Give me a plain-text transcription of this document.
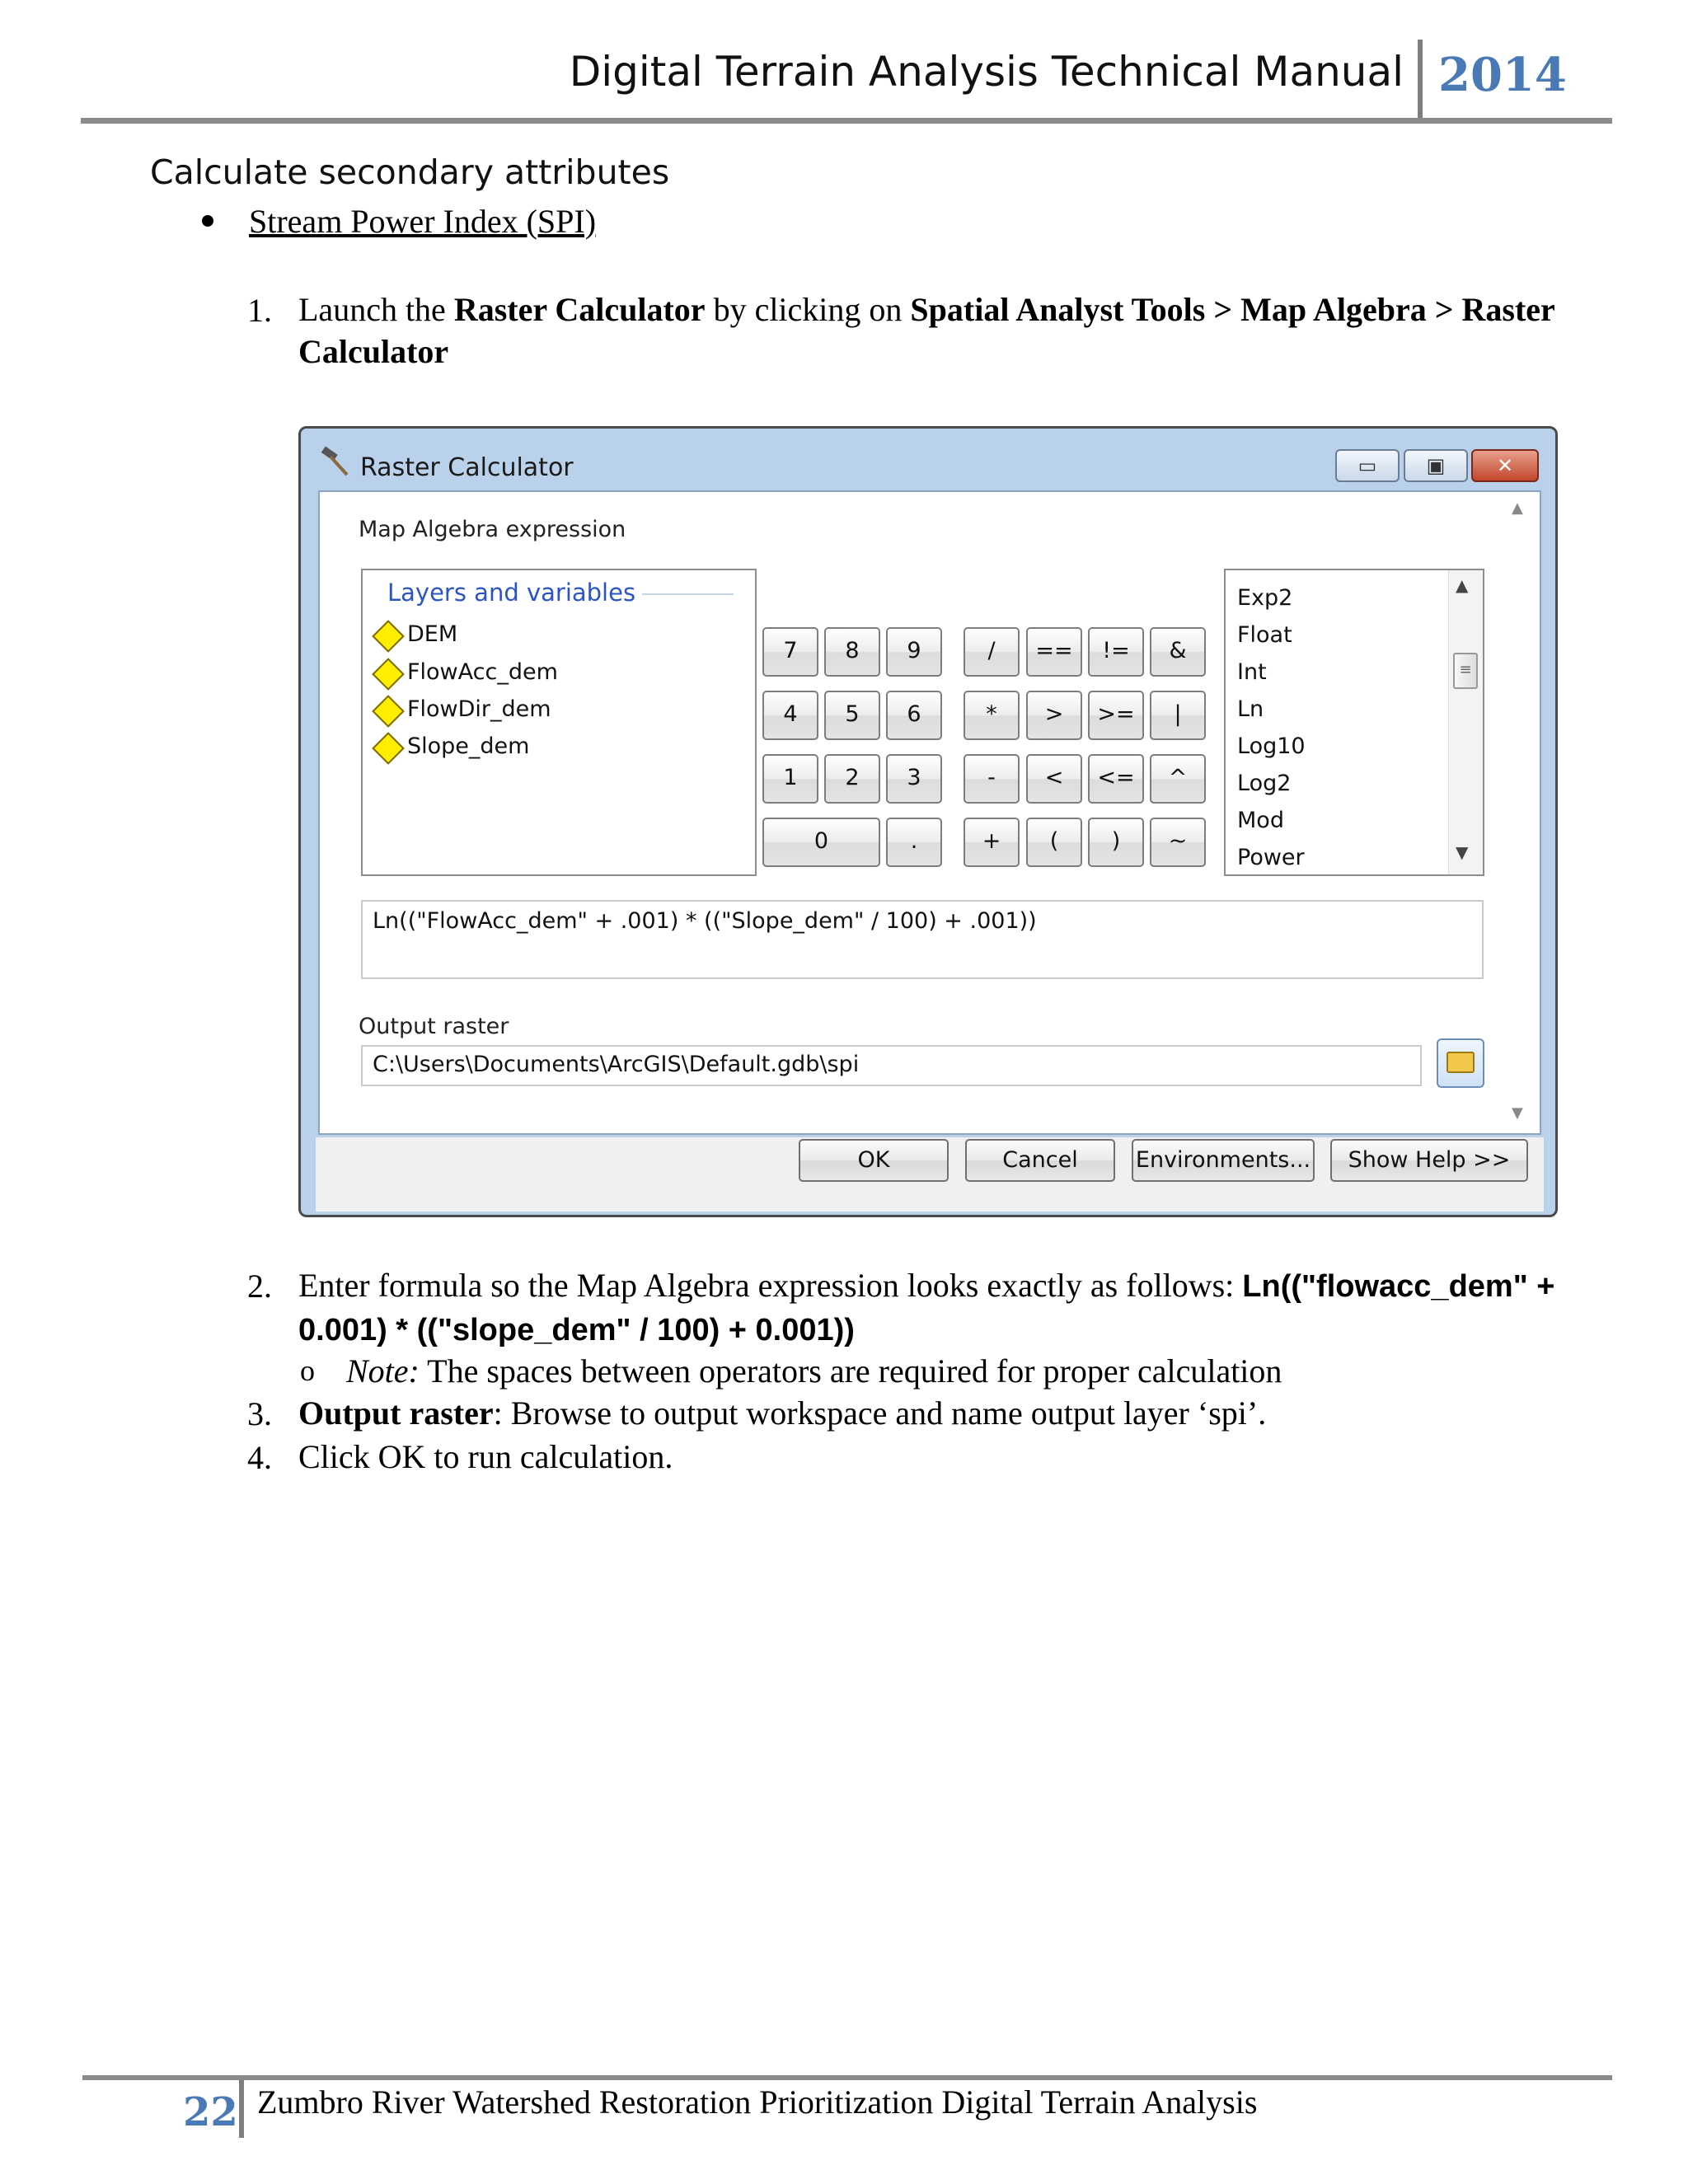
Digital Terrain Analysis Technical Manual 2014
Calculate secondary attributes
Stream Power Index (SPI)
1. Launch the Raster Calculator by clicking on Spatial Analyst Tools > Map Algebra > Raster Calculator
Raster Calculator	▭	▣	✕
Map Algebra expression
Layers and variables
DEM
FlowAcc_dem
FlowDir_dem
Slope_dem
7	8	9	/	==	!=	&
4	5	6	*	>	>=	|
1	2	3	-	<	<=	^
0	.	+	(	)	~
Exp2
Float
Int
Ln
Log10
Log2
Mod
Power
▲
≡
▼
Ln(("FlowAcc_dem" + .001) * (("Slope_dem" / 100) + .001))
Output raster
C:\Users\Documents\ArcGIS\Default.gdb\spi
▲
▼
OK	Cancel	Environments...	Show Help >>
2. Enter formula so the Map Algebra expression looks exactly as follows: Ln(("flowacc_dem" + 0.001) * (("slope_dem" / 100) + 0.001))
o Note: The spaces between operators are required for proper calculation
3. Output raster: Browse to output workspace and name output layer ‘spi’.
4. Click OK to run calculation.
22 Zumbro River Watershed Restoration Prioritization Digital Terrain Analysis
